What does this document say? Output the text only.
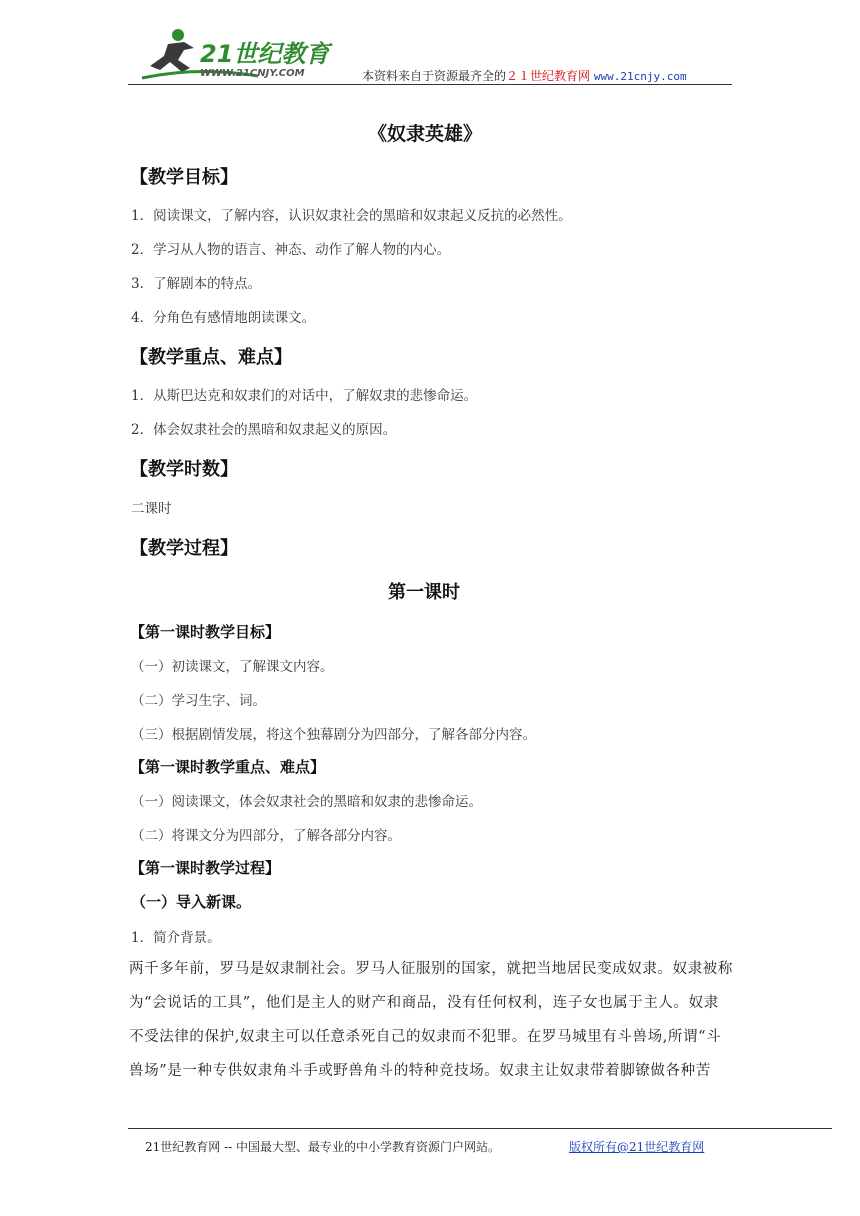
21世纪教育
WWW.21CNJY.COM	本资料来自于资源最齐全的２１世纪教育网 www.21cnjy.com
《奴隶英雄》
【教学目标】
1．阅读课文，了解内容，认识奴隶社会的黑暗和奴隶起义反抗的必然性。
2．学习从人物的语言、神态、动作了解人物的内心。
3．了解剧本的特点。
4．分角色有感情地朗读课文。
【教学重点、难点】
1．从斯巴达克和奴隶们的对话中，了解奴隶的悲惨命运。
2．体会奴隶社会的黑暗和奴隶起义的原因。
【教学时数】
二课时
【教学过程】
第一课时
【第一课时教学目标】
（一）初读课文，了解课文内容。
（二）学习生字、词。
（三）根据剧情发展，将这个独幕剧分为四部分，了解各部分内容。
【第一课时教学重点、难点】
（一）阅读课文，体会奴隶社会的黑暗和奴隶的悲惨命运。
（二）将课文分为四部分，了解各部分内容。
【第一课时教学过程】
（一）导入新课。
1．简介背景。
两千多年前，罗马是奴隶制社会。罗马人征服别的国家，就把当地居民变成奴隶。奴隶被称
为“会说话的工具”，他们是主人的财产和商品，没有任何权利，连子女也属于主人。奴隶
不受法律的保护,奴隶主可以任意杀死自己的奴隶而不犯罪。在罗马城里有斗兽场,所谓“斗
兽场”是一种专供奴隶角斗手或野兽角斗的特种竞技场。奴隶主让奴隶带着脚镣做各种苦
21世纪教育网 -- 中国最大型、最专业的中小学教育资源门户网站。	版权所有@21世纪教育网
